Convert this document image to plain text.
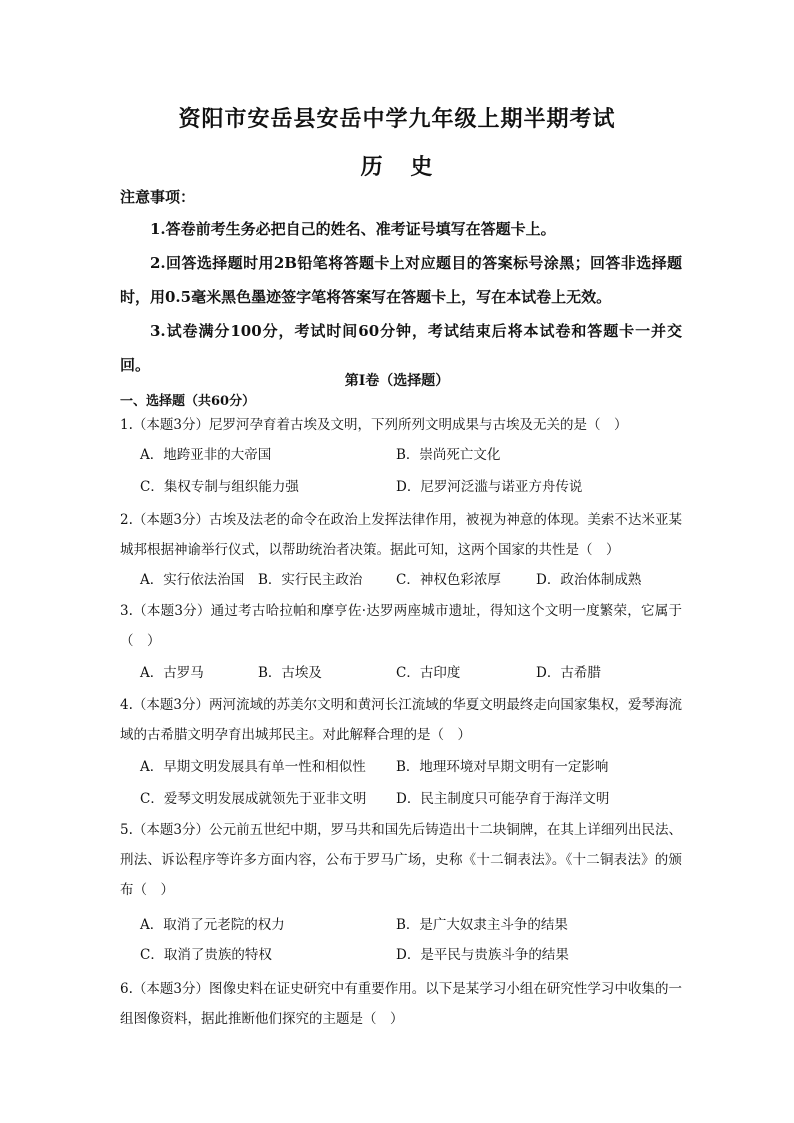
资阳市安岳县安岳中学九年级上期半期考试
历 史
注意事项：
1.答卷前考生务必把自己的姓名、准考证号填写在答题卡上。
2.回答选择题时用2B铅笔将答题卡上对应题目的答案标号涂黑；回答非选择题时，用0.5毫米黑色墨迹签字笔将答案写在答题卡上，写在本试卷上无效。
3.试卷满分100分，考试时间60分钟，考试结束后将本试卷和答题卡一并交回。
第Ⅰ卷（选择题）
一、选择题（共60分）
1.（本题3分）尼罗河孕育着古埃及文明，下列所列文明成果与古埃及无关的是（　）
A．地跨亚非的大帝国	B．崇尚死亡文化
C．集权专制与组织能力强	D．尼罗河泛滥与诺亚方舟传说
2.（本题3分）古埃及法老的命令在政治上发挥法律作用，被视为神意的体现。美索不达米亚某城邦根据神谕举行仪式，以帮助统治者决策。据此可知，这两个国家的共性是（　）
A．实行依法治国 B．实行民主政治 C．神权色彩浓厚	D．政治体制成熟
3.（本题3分）通过考古哈拉帕和摩亨佐·达罗两座城市遗址，得知这个文明一度繁荣，它属于（　）
A．古罗马	B．古埃及	C．古印度	D．古希腊
4.（本题3分）两河流域的苏美尔文明和黄河长江流域的华夏文明最终走向国家集权，爱琴海流域的古希腊文明孕育出城邦民主。对此解释合理的是（　）
A．早期文明发展具有单一性和相似性 B．地理环境对早期文明有一定影响
C．爱琴文明发展成就领先于亚非文明 D．民主制度只可能孕育于海洋文明
5.（本题3分）公元前五世纪中期，罗马共和国先后铸造出十二块铜牌，在其上详细列出民法、刑法、诉讼程序等许多方面内容，公布于罗马广场，史称《十二铜表法》。《十二铜表法》的颁布（　）
A．取消了元老院的权力	B．是广大奴隶主斗争的结果
C．取消了贵族的特权	D．是平民与贵族斗争的结果
6.（本题3分）图像史料在证史研究中有重要作用。以下是某学习小组在研究性学习中收集的一组图像资料，据此推断他们探究的主题是（　）
